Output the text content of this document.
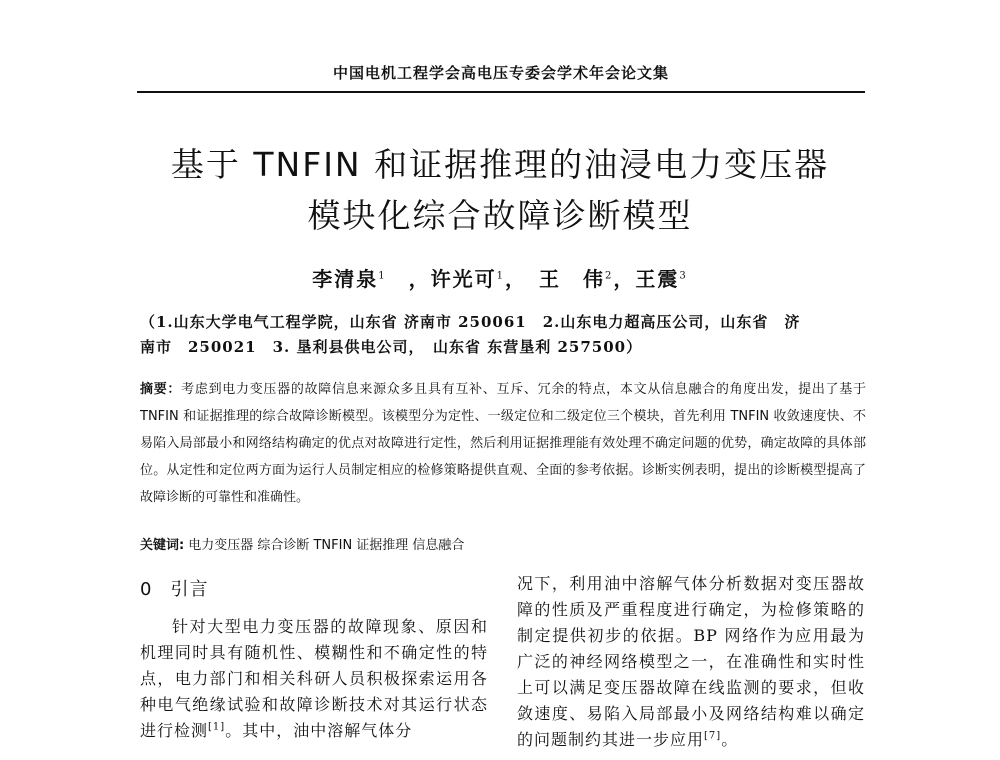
中国电机工程学会高电压专委会学术年会论文集
基于 TNFIN 和证据推理的油浸电力变压器
模块化综合故障诊断模型
李清泉$^1$　，许光可$^1$，　王　伟$^2$，王震$^3$
（1.山东大学电气工程学院，山东省 济南市 250061　2.山东电力超高压公司，山东省　济
南市　250021　3. 垦利县供电公司，　山东省 东营垦利 257500）
摘要：考虑到电力变压器的故障信息来源众多且具有互补、互斥、冗余的特点，本文从信息融合的角度出发，提出了基于 TNFIN 和证据推理的综合故障诊断模型。该模型分为定性、一级定位和二级定位三个模块，首先利用 TNFIN 收敛速度快、不易陷入局部最小和网络结构确定的优点对故障进行定性，然后利用证据推理能有效处理不确定问题的优势，确定故障的具体部位。从定性和定位两方面为运行人员制定相应的检修策略提供直观、全面的参考依据。诊断实例表明，提出的诊断模型提高了故障诊断的可靠性和准确性。
关键词: 电力变压器 综合诊断 TNFIN 证据推理 信息融合
0 引言
针对大型电力变压器的故障现象、原因和机理同时具有随机性、模糊性和不确定性的特点，电力部门和相关科研人员积极探索运用各种电气绝缘试验和故障诊断技术对其运行状态进行检测[1]。其中，油中溶解气体分
况下，利用油中溶解气体分析数据对变压器故障的性质及严重程度进行确定，为检修策略的制定提供初步的依据。BP 网络作为应用最为广泛的神经网络模型之一，在准确性和实时性上可以满足变压器故障在线监测的要求，但收敛速度、易陷入局部最小及网络结构难以确定的问题制约其进一步应用[7]。
